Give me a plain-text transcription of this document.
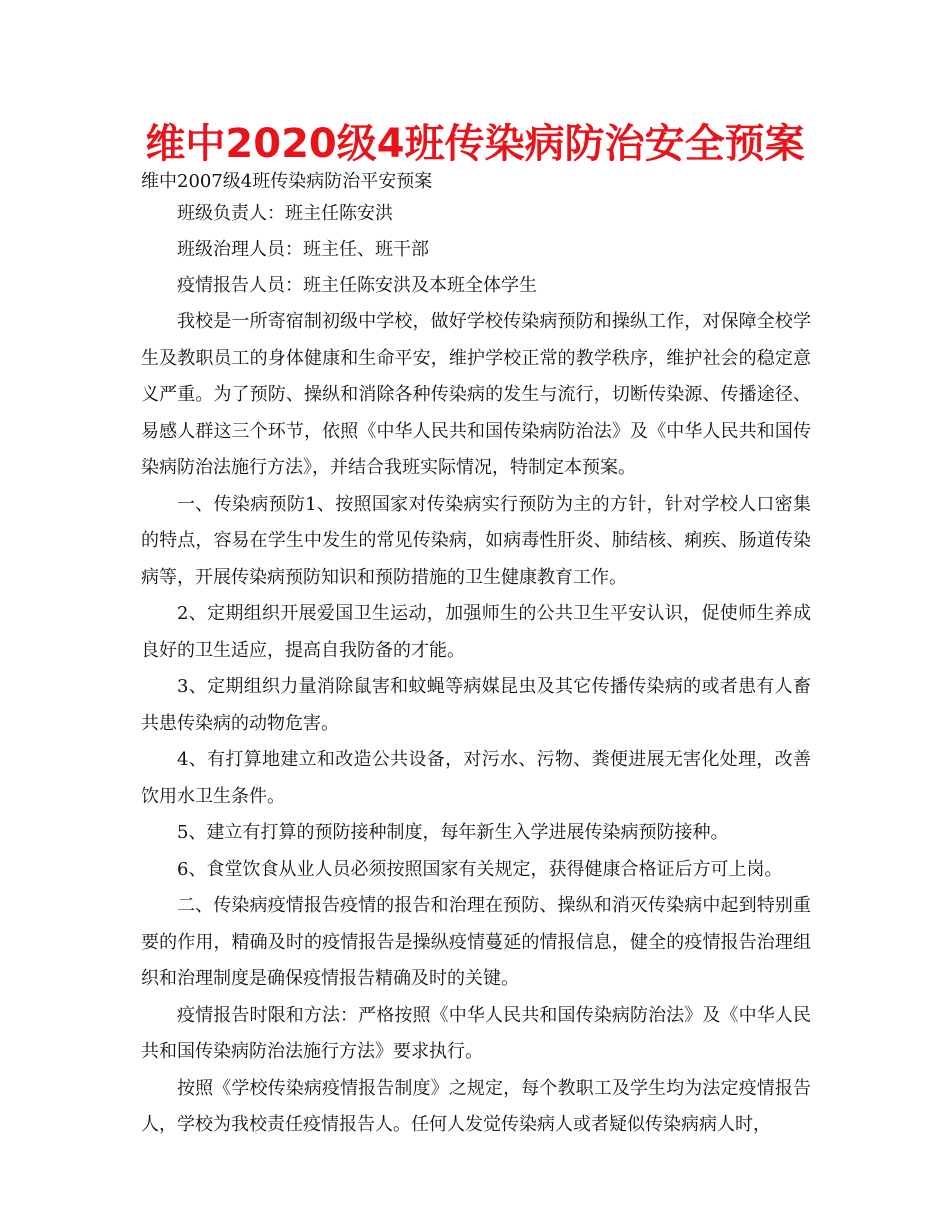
维中2020级4班传染病防治安全预案

维中2007级4班传染病防治平安预案

班级负责人：班主任陈安洪

班级治理人员：班主任、班干部

疫情报告人员：班主任陈安洪及本班全体学生

我校是一所寄宿制初级中学校，做好学校传染病预防和操纵工作，对保障全校学生及教职员工的身体健康和生命平安，维护学校正常的教学秩序，维护社会的稳定意义严重。为了预防、操纵和消除各种传染病的发生与流行，切断传染源、传播途径、易感人群这三个环节，依照《中华人民共和国传染病防治法》及《中华人民共和国传染病防治法施行方法》，并结合我班实际情况，特制定本预案。

一、传染病预防1、按照国家对传染病实行预防为主的方针，针对学校人口密集的特点，容易在学生中发生的常见传染病，如病毒性肝炎、肺结核、痢疾、肠道传染病等，开展传染病预防知识和预防措施的卫生健康教育工作。

2、定期组织开展爱国卫生运动，加强师生的公共卫生平安认识，促使师生养成良好的卫生适应，提高自我防备的才能。

3、定期组织力量消除鼠害和蚊蝇等病媒昆虫及其它传播传染病的或者患有人畜共患传染病的动物危害。

4、有打算地建立和改造公共设备，对污水、污物、粪便进展无害化处理，改善饮用水卫生条件。

5、建立有打算的预防接种制度，每年新生入学进展传染病预防接种。

6、食堂饮食从业人员必须按照国家有关规定，获得健康合格证后方可上岗。

二、传染病疫情报告疫情的报告和治理在预防、操纵和消灭传染病中起到特别重要的作用，精确及时的疫情报告是操纵疫情蔓延的情报信息，健全的疫情报告治理组织和治理制度是确保疫情报告精确及时的关键。

疫情报告时限和方法：严格按照《中华人民共和国传染病防治法》及《中华人民共和国传染病防治法施行方法》要求执行。

按照《学校传染病疫情报告制度》之规定，每个教职工及学生均为法定疫情报告人，学校为我校责任疫情报告人。任何人发觉传染病人或者疑似传染病病人时，
